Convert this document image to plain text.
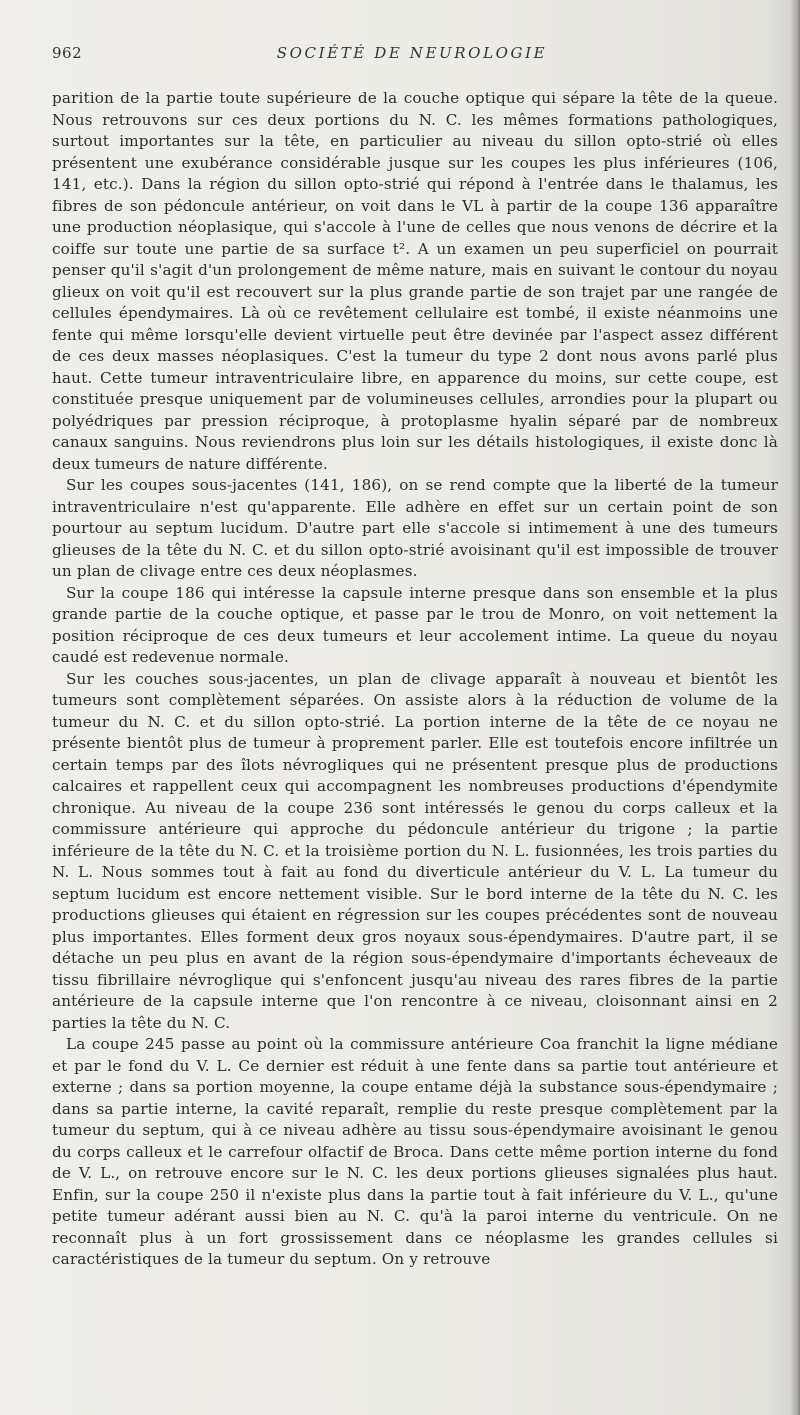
962	SOCIÉTÉ DE NEUROLOGIE

parition de la partie toute supérieure de la couche optique qui sépare la tête de la queue. Nous retrouvons sur ces deux portions du N. C. les mêmes formations pathologiques, surtout importantes sur la tête, en particulier au niveau du sillon opto-strié où elles présentent une exubérance considérable jusque sur les coupes les plus inférieures (106, 141, etc.). Dans la région du sillon opto-strié qui répond à l'entrée dans le thalamus, les fibres de son pédoncule antérieur, on voit dans le VL à partir de la coupe 136 apparaître une production néoplasique, qui s'accole à l'une de celles que nous venons de décrire et la coiffe sur toute une partie de sa surface t². A un examen un peu superficiel on pourrait penser qu'il s'agit d'un prolongement de même nature, mais en suivant le contour du noyau glieux on voit qu'il est recouvert sur la plus grande partie de son trajet par une rangée de cellules épendymaires. Là où ce revêtement cellulaire est tombé, il existe néanmoins une fente qui même lorsqu'elle devient virtuelle peut être devinée par l'aspect assez différent de ces deux masses néoplasiques. C'est la tumeur du type 2 dont nous avons parlé plus haut. Cette tumeur intraventriculaire libre, en apparence du moins, sur cette coupe, est constituée presque uniquement par de volumineuses cellules, arrondies pour la plupart ou polyédriques par pression réciproque, à protoplasme hyalin séparé par de nombreux canaux sanguins. Nous reviendrons plus loin sur les détails histologiques, il existe donc là deux tumeurs de nature différente.

Sur les coupes sous-jacentes (141, 186), on se rend compte que la liberté de la tumeur intraventriculaire n'est qu'apparente. Elle adhère en effet sur un certain point de son pourtour au septum lucidum. D'autre part elle s'accole si intimement à une des tumeurs glieuses de la tête du N. C. et du sillon opto-strié avoisinant qu'il est impossible de trouver un plan de clivage entre ces deux néoplasmes.

Sur la coupe 186 qui intéresse la capsule interne presque dans son ensemble et la plus grande partie de la couche optique, et passe par le trou de Monro, on voit nettement la position réciproque de ces deux tumeurs et leur accolement intime. La queue du noyau caudé est redevenue normale.

Sur les couches sous-jacentes, un plan de clivage apparaît à nouveau et bientôt les tumeurs sont complètement séparées. On assiste alors à la réduction de volume de la tumeur du N. C. et du sillon opto-strié. La portion interne de la tête de ce noyau ne présente bientôt plus de tumeur à proprement parler. Elle est toutefois encore infiltrée un certain temps par des îlots névrogliques qui ne présentent presque plus de productions calcaires et rappellent ceux qui accompagnent les nombreuses productions d'épendymite chronique. Au niveau de la coupe 236 sont intéressés le genou du corps calleux et la commissure antérieure qui approche du pédoncule antérieur du trigone ; la partie inférieure de la tête du N. C. et la troisième portion du N. L. fusionnées, les trois parties du N. L. Nous sommes tout à fait au fond du diverticule antérieur du V. L. La tumeur du septum lucidum est encore nettement visible. Sur le bord interne de la tête du N. C. les productions glieuses qui étaient en régression sur les coupes précédentes sont de nouveau plus importantes. Elles forment deux gros noyaux sous-épendymaires. D'autre part, il se détache un peu plus en avant de la région sous-épendymaire d'importants écheveaux de tissu fibrillaire névroglique qui s'enfoncent jusqu'au niveau des rares fibres de la partie antérieure de la capsule interne que l'on rencontre à ce niveau, cloisonnant ainsi en 2 parties la tête du N. C.

La coupe 245 passe au point où la commissure antérieure Coa franchit la ligne médiane et par le fond du V. L. Ce dernier est réduit à une fente dans sa partie tout antérieure et externe ; dans sa portion moyenne, la coupe entame déjà la substance sous-épendymaire ; dans sa partie interne, la cavité reparaît, remplie du reste presque complètement par la tumeur du septum, qui à ce niveau adhère au tissu sous-épendymaire avoisinant le genou du corps calleux et le carrefour olfactif de Broca. Dans cette même portion interne du fond de V. L., on retrouve encore sur le N. C. les deux portions glieuses signalées plus haut. Enfin, sur la coupe 250 il n'existe plus dans la partie tout à fait inférieure du V. L., qu'une petite tumeur adérant aussi bien au N. C. qu'à la paroi interne du ventricule. On ne reconnaît plus à un fort grossissement dans ce néoplasme les grandes cellules si caractéristiques de la tumeur du septum. On y retrouve
